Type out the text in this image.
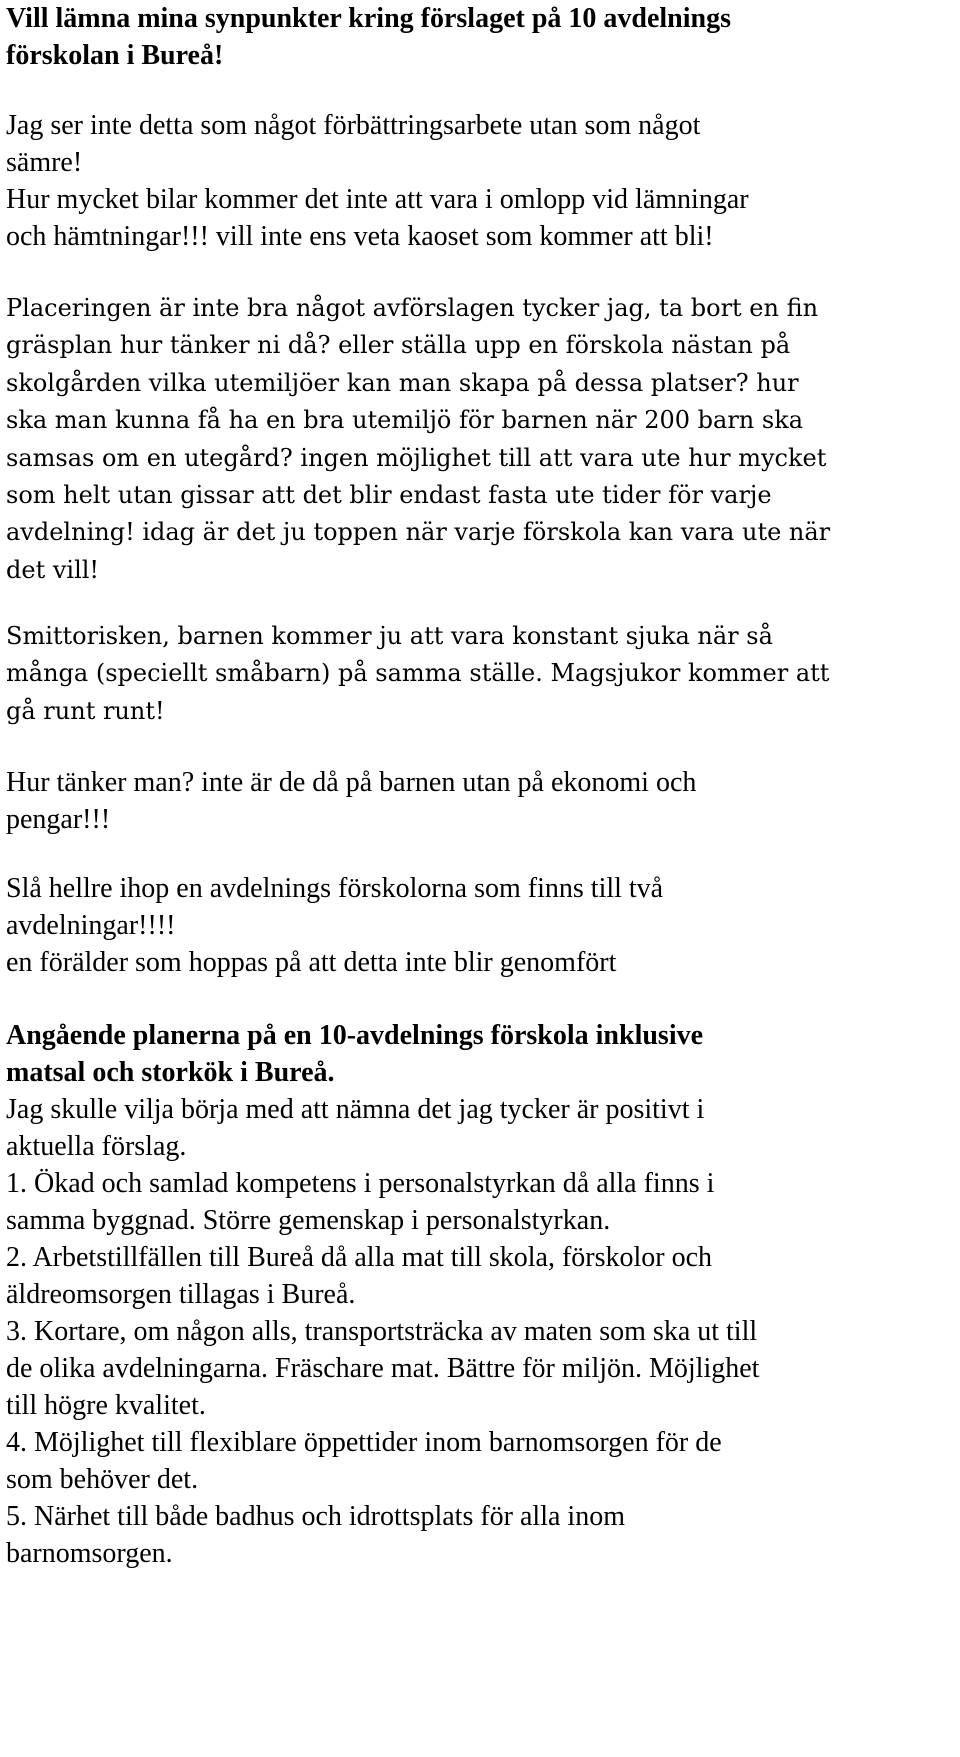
Vill lämna mina synpunkter kring förslaget på 10 avdelnings
förskolan i Bureå!
Jag ser inte detta som något förbättringsarbete utan som något
sämre!
Hur mycket bilar kommer det inte att vara i omlopp vid lämningar
och hämtningar!!! vill inte ens veta kaoset som kommer att bli!
Placeringen är inte bra något avförslagen tycker jag, ta bort en fin
gräsplan hur tänker ni då? eller ställa upp en förskola nästan på
skolgården vilka utemiljöer kan man skapa på dessa platser? hur
ska man kunna få ha en bra utemiljö för barnen när 200 barn ska
samsas om en utegård? ingen möjlighet till att vara ute hur mycket
som helt utan gissar att det blir endast fasta ute tider för varje
avdelning! idag är det ju toppen när varje förskola kan vara ute när
det vill!
Smittorisken, barnen kommer ju att vara konstant sjuka när så
många (speciellt småbarn) på samma ställe. Magsjukor kommer att
gå runt runt!
Hur tänker man? inte är de då på barnen utan på ekonomi och
pengar!!!
Slå hellre ihop en avdelnings förskolorna som finns till två
avdelningar!!!!
en förälder som hoppas på att detta inte blir genomfört
Angående planerna på en 10-avdelnings förskola inklusive
matsal och storkök i Bureå.
Jag skulle vilja börja med att nämna det jag tycker är positivt i
aktuella förslag.
1. Ökad och samlad kompetens i personalstyrkan då alla finns i
samma byggnad. Större gemenskap i personalstyrkan.
2. Arbetstillfällen till Bureå då alla mat till skola, förskolor och
äldreomsorgen tillagas i Bureå.
3. Kortare, om någon alls, transportsträcka av maten som ska ut till
de olika avdelningarna. Fräschare mat. Bättre för miljön. Möjlighet
till högre kvalitet.
4. Möjlighet till flexiblare öppettider inom barnomsorgen för de
som behöver det.
5. Närhet till både badhus och idrottsplats för alla inom
barnomsorgen.
